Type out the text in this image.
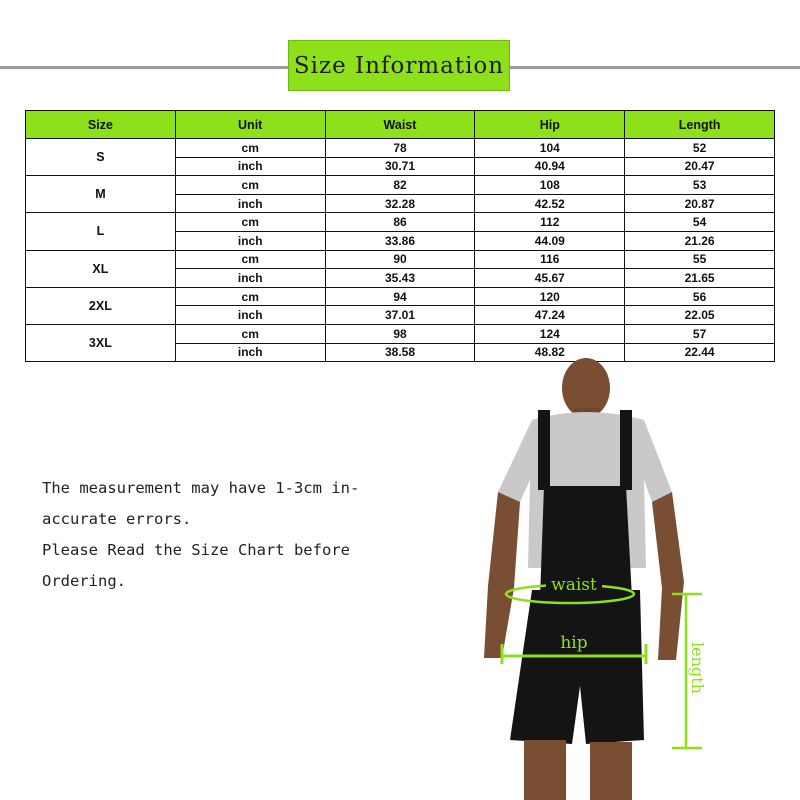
Size Information
Size	Unit	Waist	Hip	Length
S	cm	78	104	52
	inch	30.71	40.94	20.47
M	cm	82	108	53
	inch	32.28	42.52	20.87
L	cm	86	112	54
	inch	33.86	44.09	21.26
XL	cm	90	116	55
	inch	35.43	45.67	21.65
2XL	cm	94	120	56
	inch	37.01	47.24	22.05
3XL	cm	98	124	57
	inch	38.58	48.82	22.44
The measurement may have 1-3cm in-
accurate errors.
Please Read the Size Chart before
Ordering.	waist
hip	length
